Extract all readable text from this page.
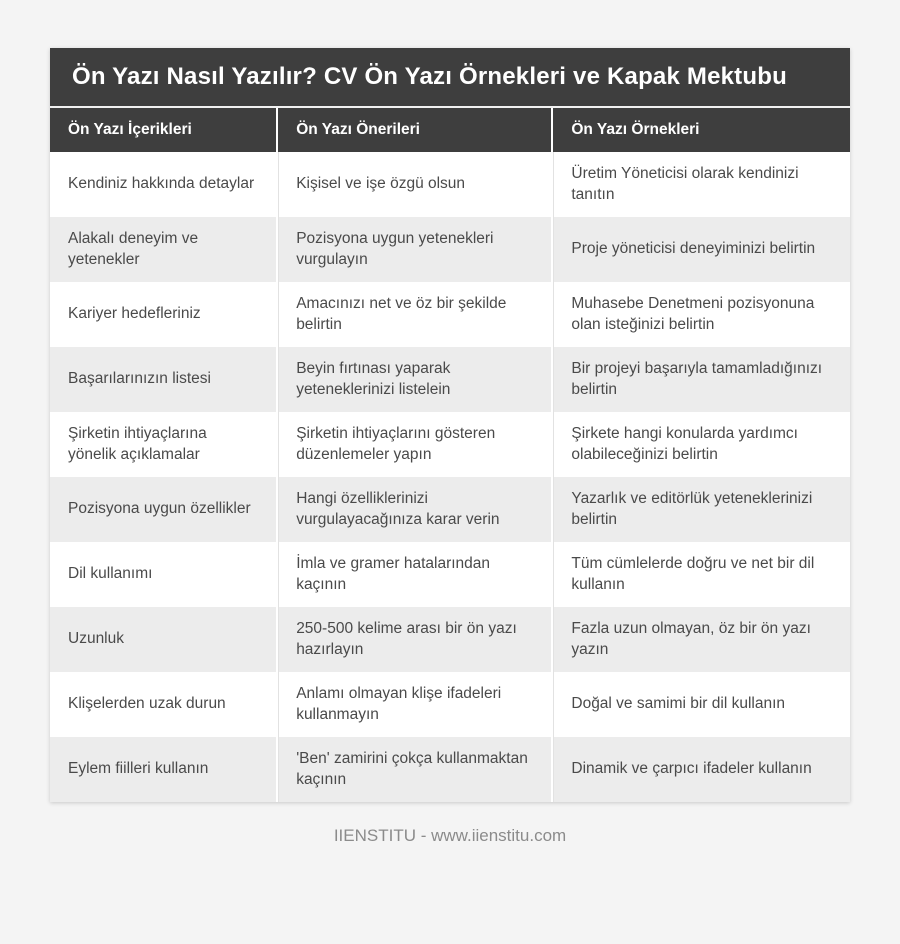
Ön Yazı Nasıl Yazılır? CV Ön Yazı Örnekleri ve Kapak Mektubu
Ön Yazı İçerikleri	Ön Yazı Önerileri	Ön Yazı Örnekleri
Kendiniz hakkında detaylar	Kişisel ve işe özgü olsun	Üretim Yöneticisi olarak kendinizi tanıtın
Alakalı deneyim ve yetenekler	Pozisyona uygun yetenekleri vurgulayın	Proje yöneticisi deneyiminizi belirtin
Kariyer hedefleriniz	Amacınızı net ve öz bir şekilde belirtin	Muhasebe Denetmeni pozisyonuna olan isteğinizi belirtin
Başarılarınızın listesi	Beyin fırtınası yaparak yeteneklerinizi listelein	Bir projeyi başarıyla tamamladığınızı belirtin
Şirketin ihtiyaçlarına yönelik açıklamalar	Şirketin ihtiyaçlarını gösteren düzenlemeler yapın	Şirkete hangi konularda yardımcı olabileceğinizi belirtin
Pozisyona uygun özellikler	Hangi özelliklerinizi vurgulayacağınıza karar verin	Yazarlık ve editörlük yeteneklerinizi belirtin
Dil kullanımı	İmla ve gramer hatalarından kaçının	Tüm cümlelerde doğru ve net bir dil kullanın
Uzunluk	250-500 kelime arası bir ön yazı hazırlayın	Fazla uzun olmayan, öz bir ön yazı yazın
Klişelerden uzak durun	Anlamı olmayan klişe ifadeleri kullanmayın	Doğal ve samimi bir dil kullanın
Eylem fiilleri kullanın	'Ben' zamirini çokça kullanmaktan kaçının	Dinamik ve çarpıcı ifadeler kullanın
IIENSTITU - www.iienstitu.com
